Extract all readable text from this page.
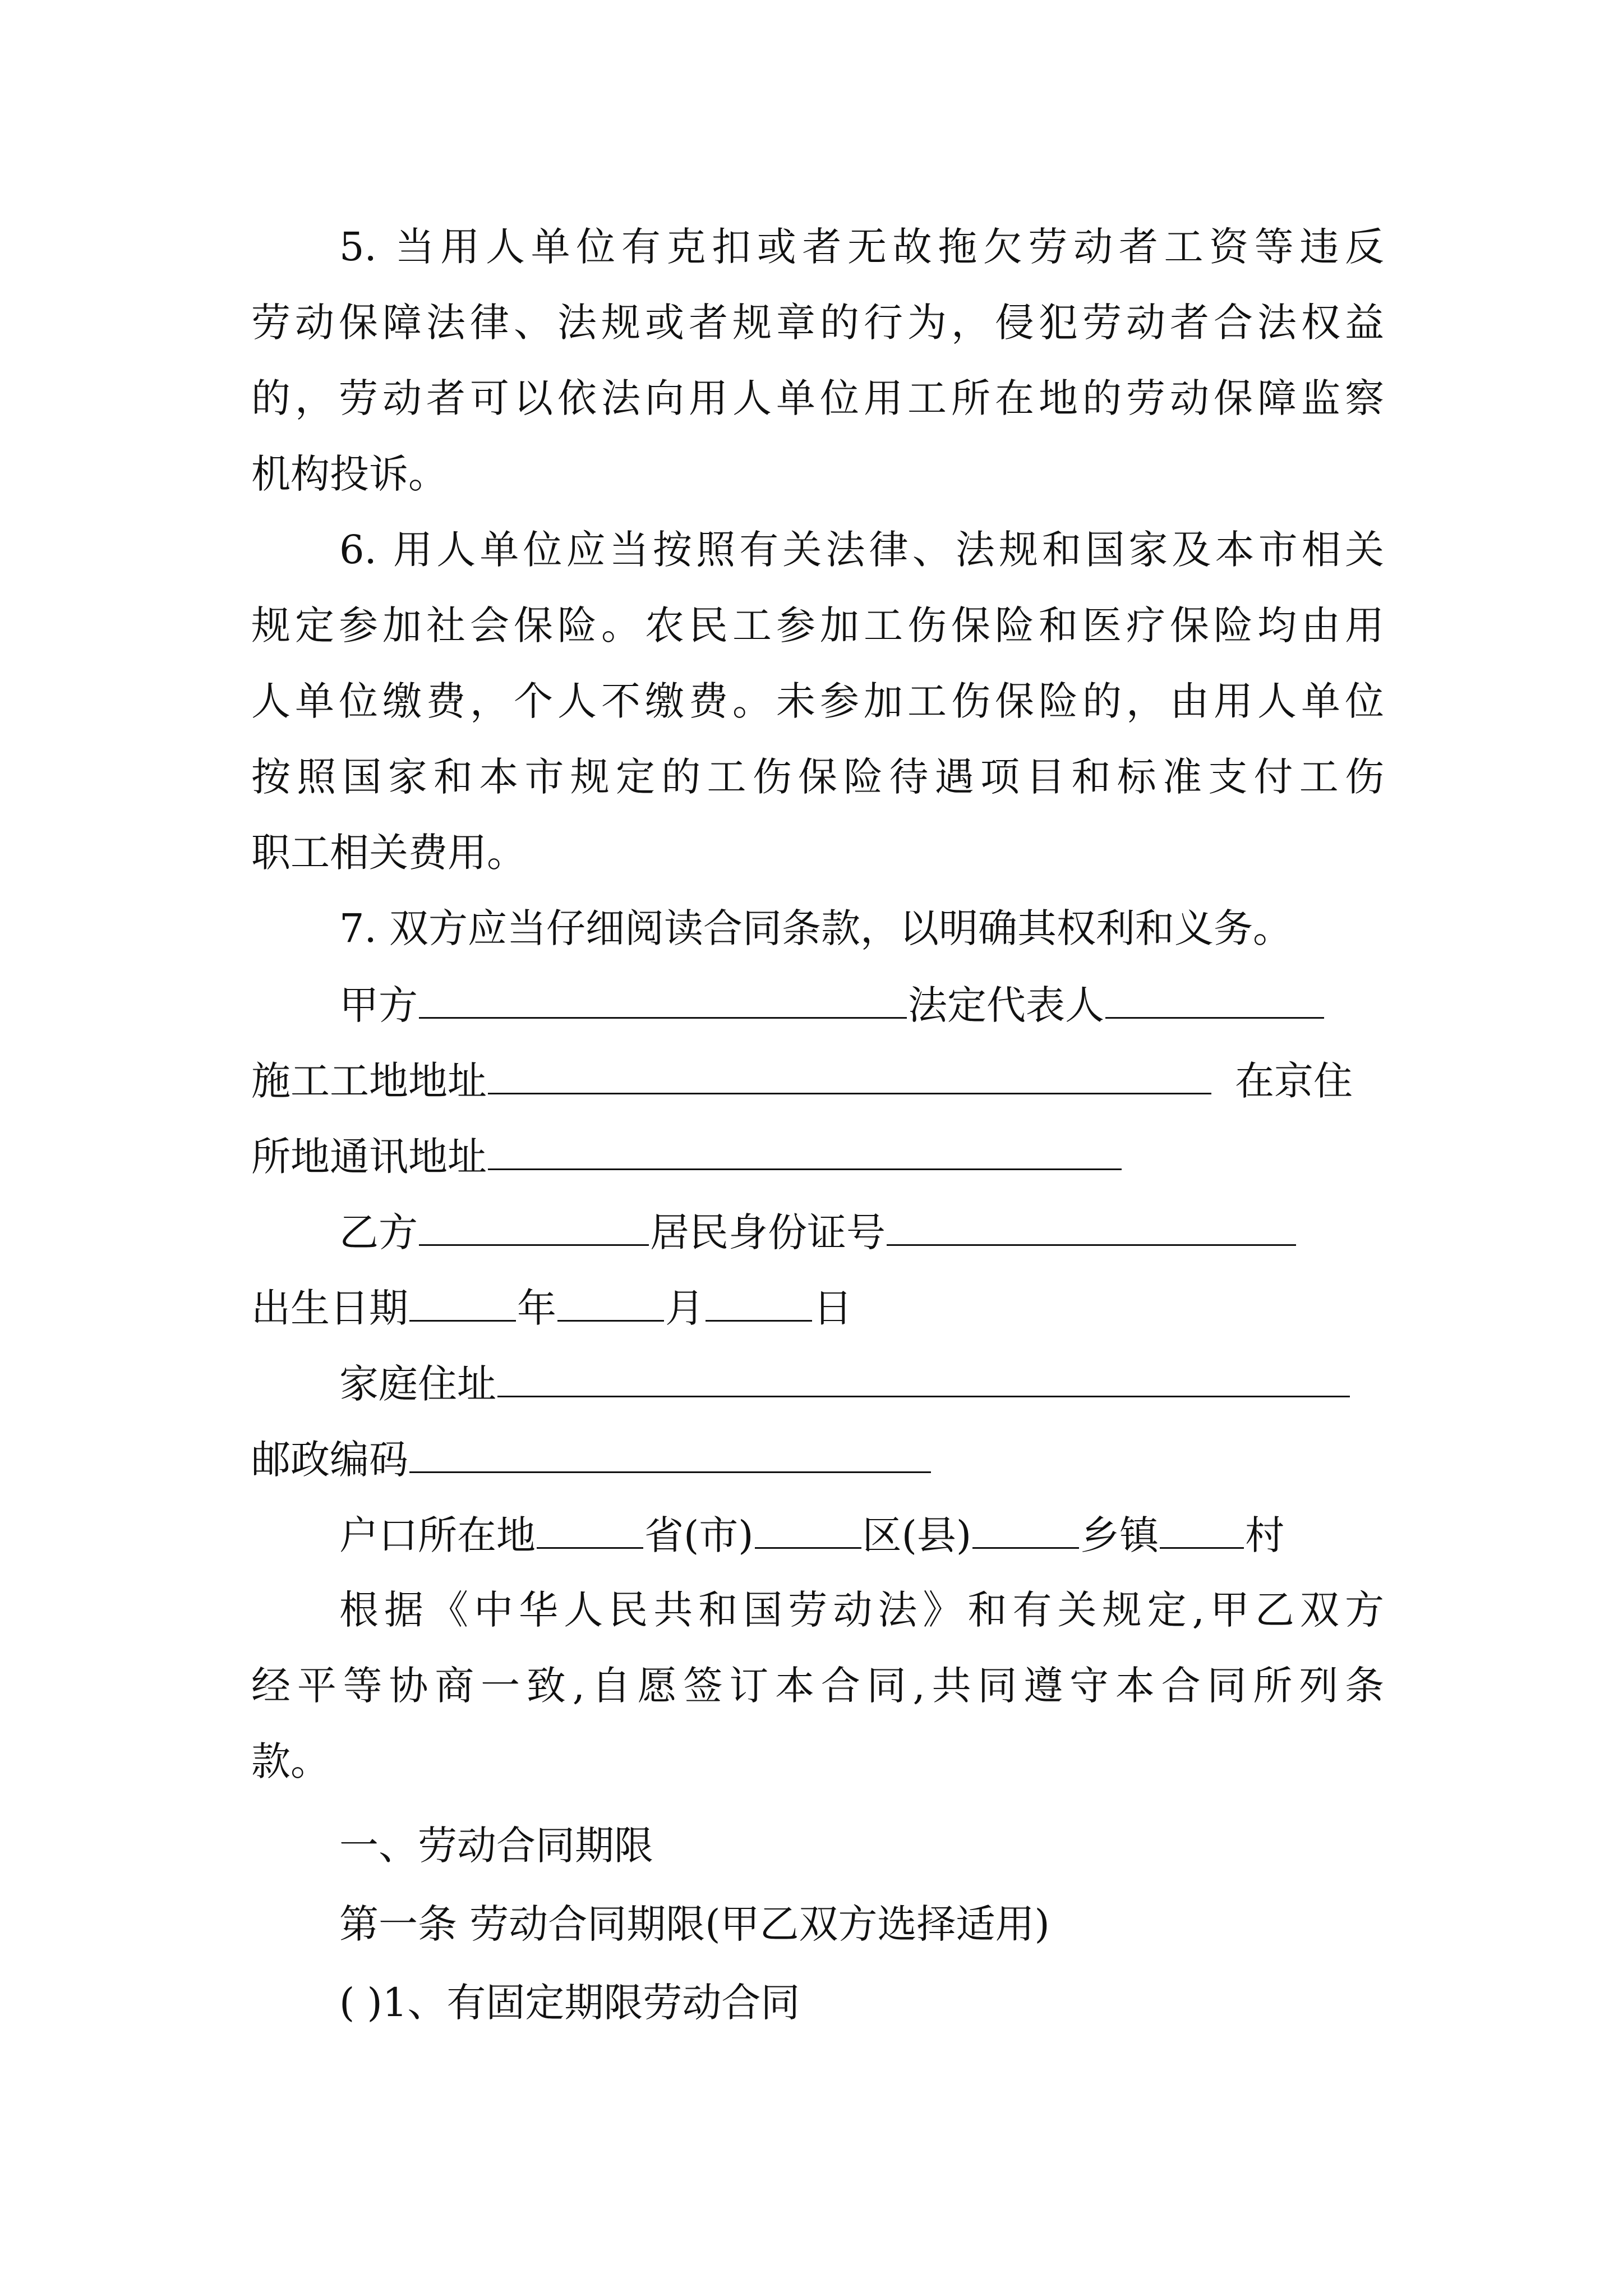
5. 当用人单位有克扣或者无故拖欠劳动者工资等违反
劳动保障法律、法规或者规章的行为，侵犯劳动者合法权益
的，劳动者可以依法向用人单位用工所在地的劳动保障监察
机构投诉。
6. 用人单位应当按照有关法律、法规和国家及本市相关
规定参加社会保险。农民工参加工伤保险和医疗保险均由用
人单位缴费，个人不缴费。未参加工伤保险的，由用人单位
按照国家和本市规定的工伤保险待遇项目和标准支付工伤
职工相关费用。
7. 双方应当仔细阅读合同条款，以明确其权利和义务。
甲方	法定代表人
施工工地地址	在京住
所地通讯地址
乙方	居民身份证号
出生日期	年	月	日
家庭住址
邮政编码
户口所在地	省(市)	区(县)	乡镇 村
根据《中华人民共和国劳动法》和有关规定,甲乙双方
经平等协商一致,自愿签订本合同,共同遵守本合同所列条
款。
一、劳动合同期限
第一条 劳动合同期限(甲乙双方选择适用)
( )1、有固定期限劳动合同
